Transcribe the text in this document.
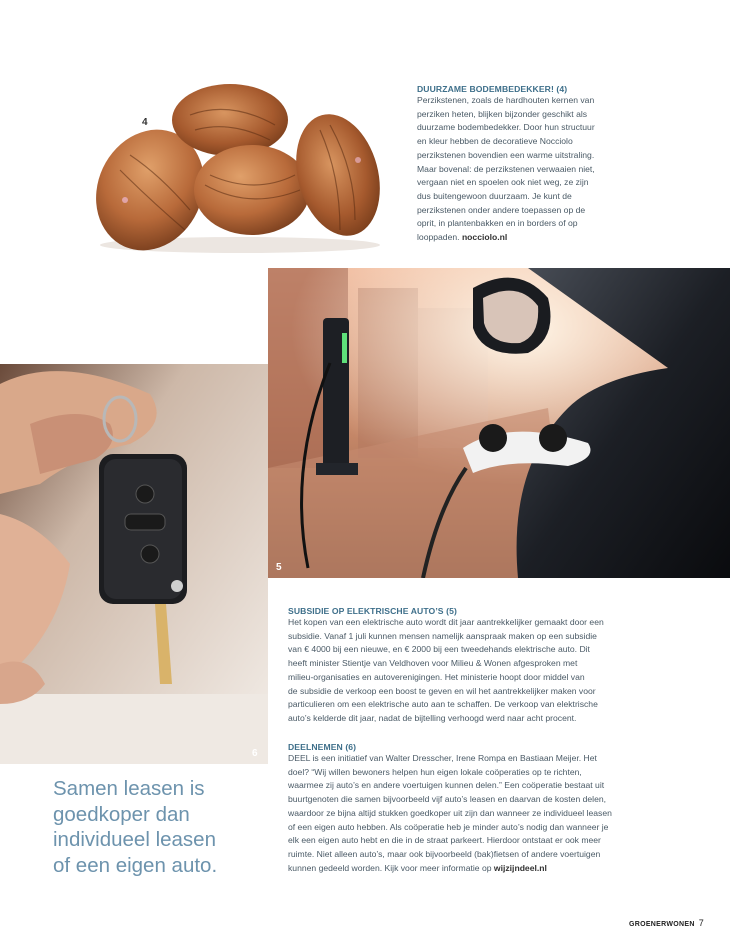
4
DUURZAME BODEMBEDEKKER! (4)
Perzikstenen, zoals de hardhouten kernen van
perziken heten, blijken bijzonder geschikt als
duurzame bodembedekker. Door hun structuur
en kleur hebben de decoratieve Nocciolo
perzikstenen bovendien een warme uitstraling.
Maar bovenal: de perzikstenen verwaaien niet,
vergaan niet en spoelen ook niet weg, ze zijn
dus buitengewoon duurzaam. Je kunt de
perzikstenen onder andere toepassen op de
oprit, in plantenbakken en in borders of op
looppaden. nocciolo.nl
5
6
Samen leasen is
goedkoper dan
individueel leasen
of een eigen auto.
SUBSIDIE OP ELEKTRISCHE AUTO’S (5)
Het kopen van een elektrische auto wordt dit jaar aantrekkelijker gemaakt door een
subsidie. Vanaf 1 juli kunnen mensen namelijk aanspraak maken op een subsidie
van € 4000 bij een nieuwe, en € 2000 bij een tweedehands elektrische auto. Dit
heeft minister Stientje van Veldhoven voor Milieu & Wonen afgesproken met
milieu-organisaties en autoverenigingen. Het ministerie hoopt door middel van
de subsidie de verkoop een boost te geven en wil het aantrekkelijker maken voor
particulieren om een elektrische auto aan te schaffen. De verkoop van elektrische
auto’s kelderde dit jaar, nadat de bijtelling verhoogd werd naar acht procent.
DEELNEMEN (6)
DEEL is een initiatief van Walter Dresscher, Irene Rompa en Bastiaan Meijer. Het
doel? “Wij willen bewoners helpen hun eigen lokale coöperaties op te richten,
waarmee zij auto’s en andere voertuigen kunnen delen.” Een coöperatie bestaat uit
buurtgenoten die samen bijvoorbeeld vijf auto’s leasen en daarvan de kosten delen,
waardoor ze bijna altijd stukken goedkoper uit zijn dan wanneer ze individueel leasen
of een eigen auto hebben. Als coöperatie heb je minder auto’s nodig dan wanneer je
elk een eigen auto hebt en die in de straat parkeert. Hierdoor ontstaat er ook meer
ruimte. Niet alleen auto’s, maar ook bijvoorbeeld (bak)fietsen of andere voertuigen
kunnen gedeeld worden. Kijk voor meer informatie op wijzijndeel.nl
GROENERWONEN 7
